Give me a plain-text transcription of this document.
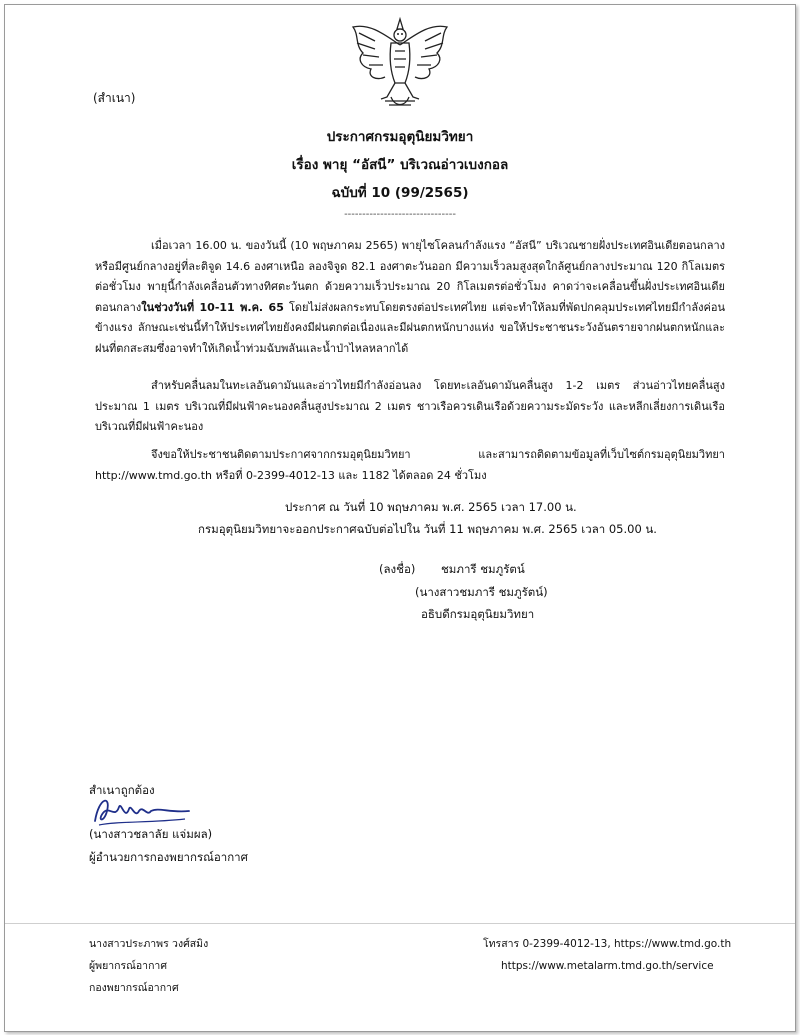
(สำเนา)
ประกาศกรมอุตุนิยมวิทยา
เรื่อง พายุ “อัสนี” บริเวณอ่าวเบงกอล
ฉบับที่ 10 (99/2565)
-------------------------------
เมื่อเวลา 16.00 น. ของวันนี้ (10 พฤษภาคม 2565) พายุไซโคลนกำลังแรง “อัสนี” บริเวณชายฝั่งประเทศอินเดียตอนกลาง หรือมีศูนย์กลางอยู่ที่ละติจูด 14.6 องศาเหนือ ลองจิจูด 82.1 องศาตะวันออก มีความเร็วลมสูงสุดใกล้ศูนย์กลางประมาณ 120 กิโลเมตรต่อชั่วโมง พายุนี้กำลังเคลื่อนตัวทางทิศตะวันตก ด้วยความเร็วประมาณ 20 กิโลเมตรต่อชั่วโมง คาดว่าจะเคลื่อนขึ้นฝั่งประเทศอินเดียตอนกลางในช่วงวันที่ 10-11 พ.ค. 65 โดยไม่ส่งผลกระทบโดยตรงต่อประเทศไทย แต่จะทำให้ลมที่พัดปกคลุมประเทศไทยมีกำลังค่อนข้างแรง ลักษณะเช่นนี้ทำให้ประเทศไทยยังคงมีฝนตกต่อเนื่องและมีฝนตกหนักบางแห่ง ขอให้ประชาชนระวังอันตรายจากฝนตกหนักและฝนที่ตกสะสมซึ่งอาจทำให้เกิดน้ำท่วมฉับพลันและน้ำป่าไหลหลากได้
สำหรับคลื่นลมในทะเลอันดามันและอ่าวไทยมีกำลังอ่อนลง โดยทะเลอันดามันคลื่นสูง 1-2 เมตร ส่วนอ่าวไทยคลื่นสูงประมาณ 1 เมตร บริเวณที่มีฝนฟ้าคะนองคลื่นสูงประมาณ 2 เมตร ชาวเรือควรเดินเรือด้วยความระมัดระวัง และหลีกเลี่ยงการเดินเรือบริเวณที่มีฝนฟ้าคะนอง
จึงขอให้ประชาชนติดตามประกาศจากกรมอุตุนิยมวิทยา และสามารถติดตามข้อมูลที่เว็บไซต์กรมอุตุนิยมวิทยา http://www.tmd.go.th หรือที่ 0-2399-4012-13 และ 1182 ได้ตลอด 24 ชั่วโมง
ประกาศ ณ วันที่ 10 พฤษภาคม พ.ศ. 2565 เวลา 17.00 น.
กรมอุตุนิยมวิทยาจะออกประกาศฉบับต่อไปใน วันที่ 11 พฤษภาคม พ.ศ. 2565 เวลา 05.00 น.
(ลงชื่อ) ชมภารี ชมภูรัตน์
(นางสาวชมภารี ชมภูรัตน์)
อธิบดีกรมอุตุนิยมวิทยา
สำเนาถูกต้อง
(นางสาวชลาลัย แจ่มผล)
ผู้อำนวยการกองพยากรณ์อากาศ
นางสาวประภาพร วงศ์สมิง
ผู้พยากรณ์อากาศ
กองพยากรณ์อากาศ
โทรสาร 0-2399-4012-13, https://www.tmd.go.th
https://www.metalarm.tmd.go.th/service
